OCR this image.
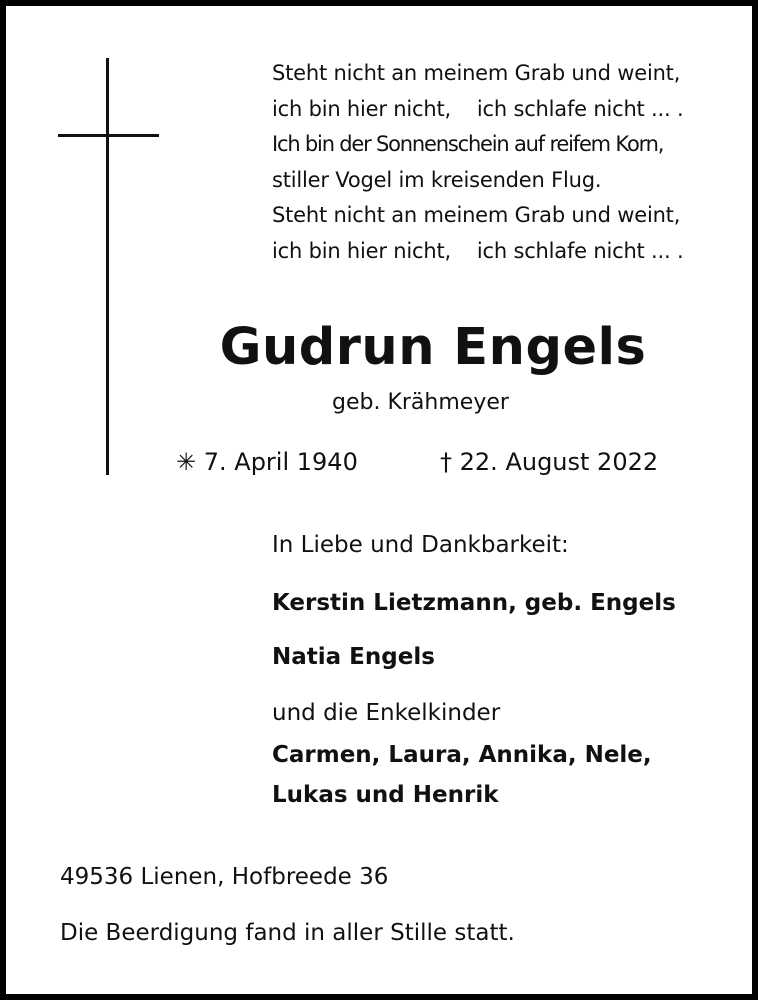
Steht nicht an meinem Grab und weint,
ich bin hier nicht,    ich schlafe nicht ... .
Ich bin der Sonnenschein auf reifem Korn,
stiller Vogel im kreisenden Flug.
Steht nicht an meinem Grab und weint,
ich bin hier nicht,    ich schlafe nicht ... .
Gudrun Engels
geb. Krähmeyer
✳ 7. April 1940	† 22. August 2022
In Liebe und Dankbarkeit:
Kerstin Lietzmann, geb. Engels
Natia Engels
und die Enkelkinder
Carmen, Laura, Annika, Nele,
Lukas und Henrik
49536 Lienen, Hofbreede 36
Die Beerdigung fand in aller Stille statt.
